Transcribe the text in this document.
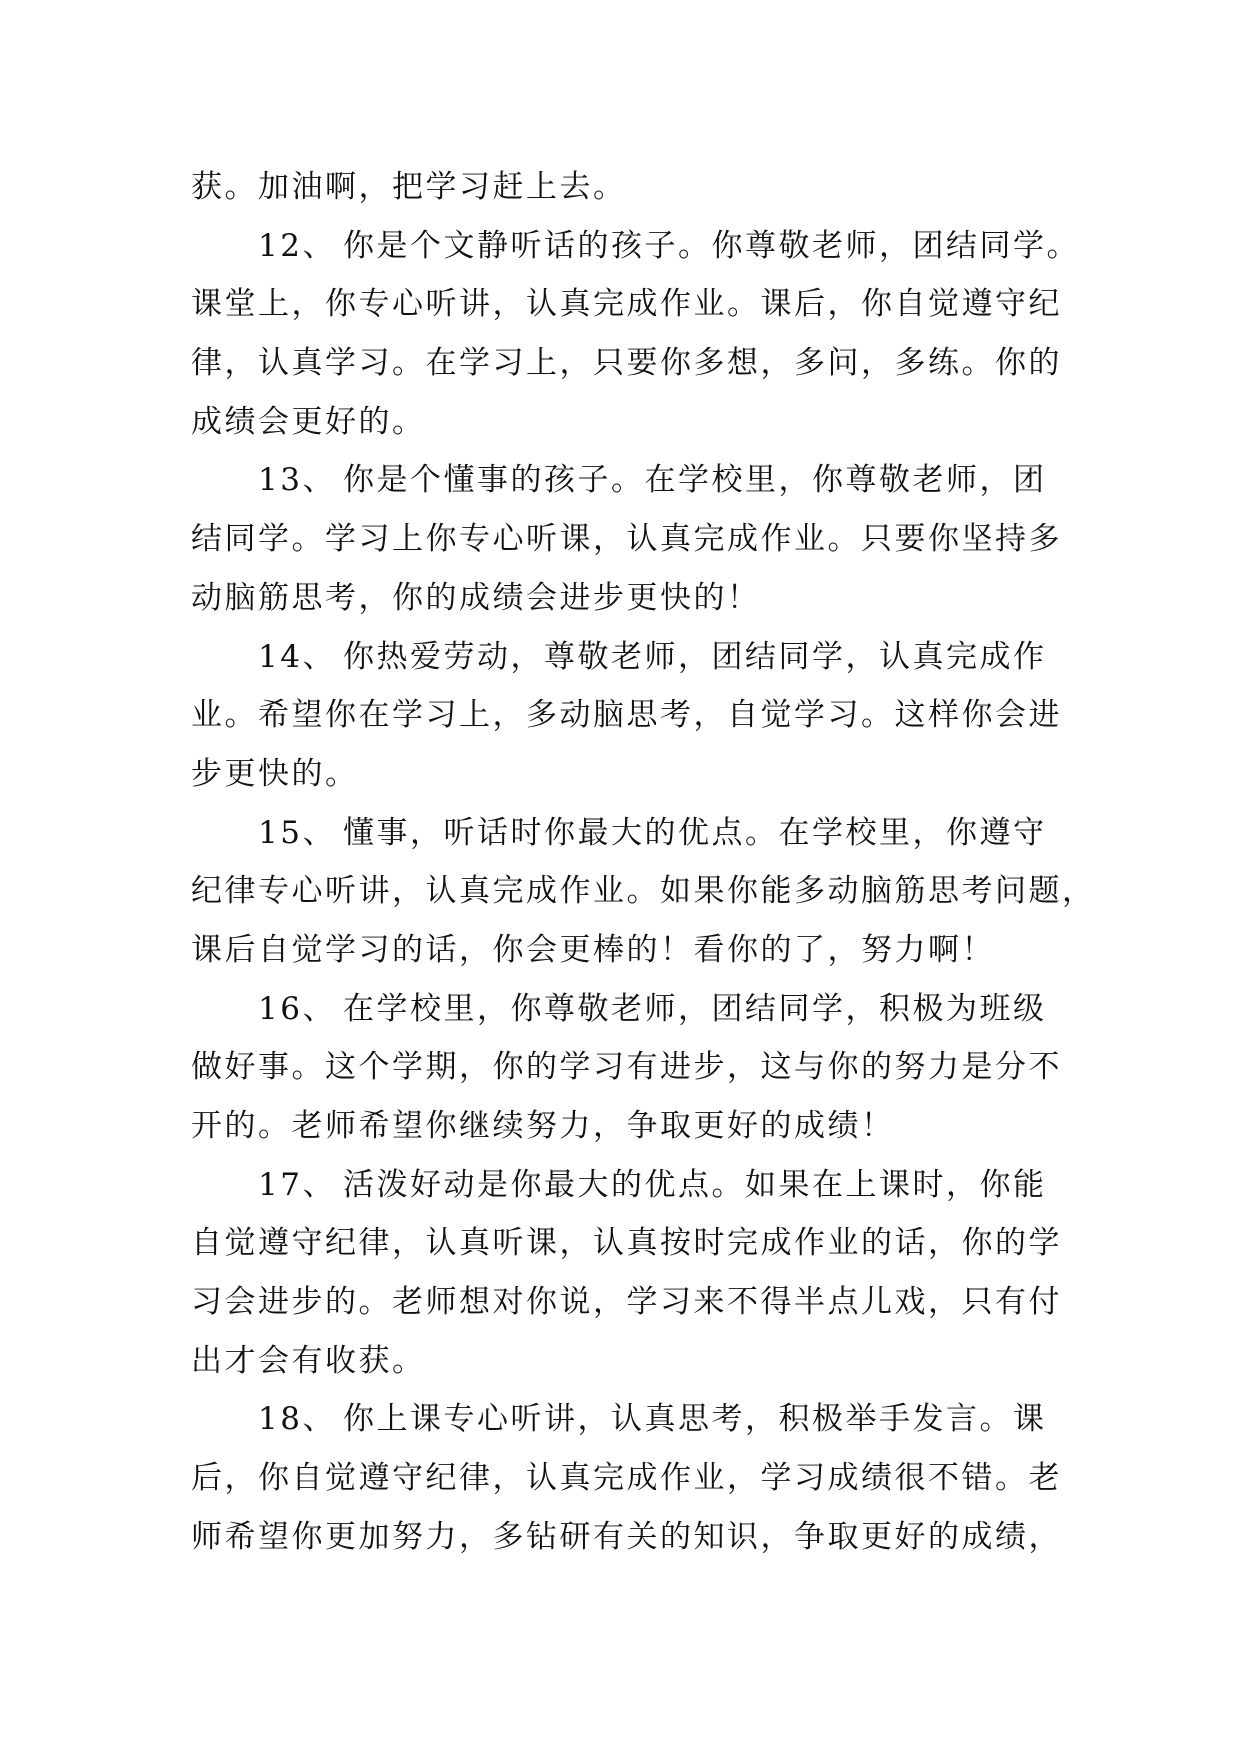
获。加油啊，把学习赶上去。
12、 你是个文静听话的孩子。你尊敬老师，团结同学。
课堂上，你专心听讲，认真完成作业。课后，你自觉遵守纪
律，认真学习。在学习上，只要你多想，多问，多练。你的
成绩会更好的。
13、 你是个懂事的孩子。在学校里，你尊敬老师，团
结同学。学习上你专心听课，认真完成作业。只要你坚持多
动脑筋思考，你的成绩会进步更快的！
14、 你热爱劳动，尊敬老师，团结同学，认真完成作
业。希望你在学习上，多动脑思考，自觉学习。这样你会进
步更快的。
15、 懂事，听话时你最大的优点。在学校里，你遵守
纪律专心听讲，认真完成作业。如果你能多动脑筋思考问题，
课后自觉学习的话，你会更棒的！看你的了，努力啊！
16、 在学校里，你尊敬老师，团结同学，积极为班级
做好事。这个学期，你的学习有进步，这与你的努力是分不
开的。老师希望你继续努力，争取更好的成绩！
17、 活泼好动是你最大的优点。如果在上课时，你能
自觉遵守纪律，认真听课，认真按时完成作业的话，你的学
习会进步的。老师想对你说，学习来不得半点儿戏，只有付
出才会有收获。
18、 你上课专心听讲，认真思考，积极举手发言。课
后，你自觉遵守纪律，认真完成作业，学习成绩很不错。老
师希望你更加努力，多钻研有关的知识，争取更好的成绩，
